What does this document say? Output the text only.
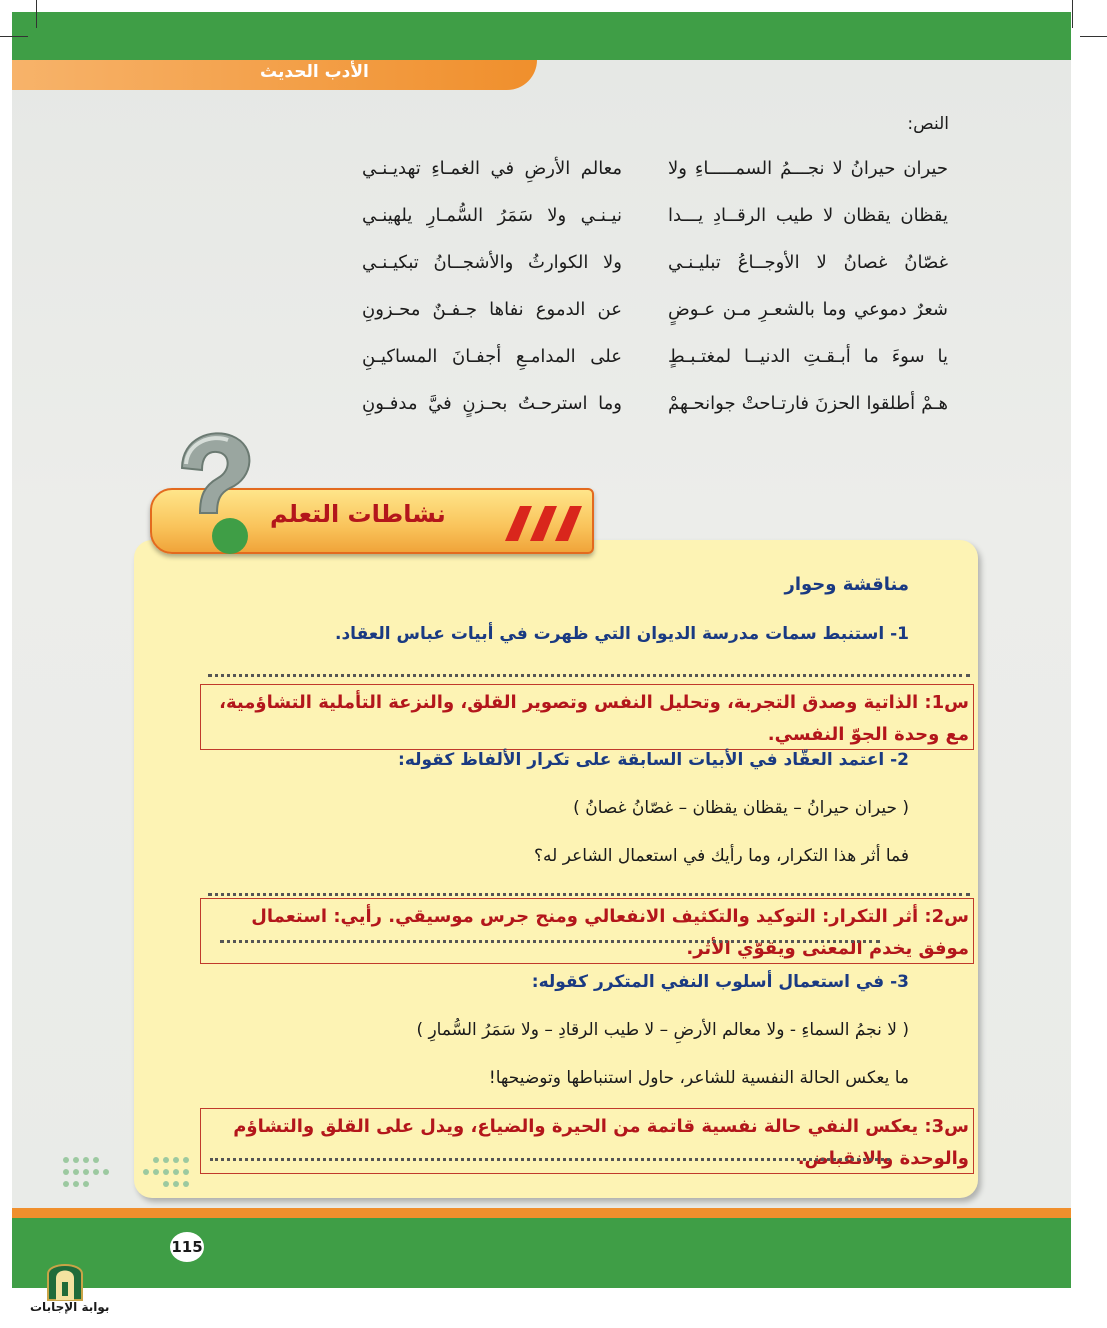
الأدب الحديث
النص:
حيران حيرانُ لا نجـــمُ السمـــــاءِ ولا
معالم الأرضِ في الغمـاءِ تهديـنـي
يقظان يقظان لا طيب الرقــادِ يـــدا
نيـنـي ولا سَمَرُ السُّمـارِ يلهينـي
غصّانُ غصانُ لا الأوجــاعُ تبليـنـي
ولا الكوارثُ والأشجــانُ تبكيـنـي
شعرٌ دموعي وما بالشعـرِ مـن عـوضٍ
عن الدموع نفاها جـفـنٌ محـزونِ
يا سوءَ ما أبـقـتِ الدنيــا لمغتـبـطٍ
على المدامـعِ أجفـانَ المساكيـنِ
هـمْ أطلقوا الحزنَ فارتـاحتْ جوانحـهمْ
وما استرحـتُ بحـزنٍ فيَّ مدفـونِ
نشاطات التعلم
مناقشة وحوار
1- استنبط سمات مدرسة الديوان التي ظهرت في أبيات عباس العقاد.
س1: الذاتية وصدق التجربة، وتحليل النفس وتصوير القلق، والنزعة التأملية التشاؤمية، مع وحدة الجوّ النفسي.
2- اعتمد العقّاد في الأبيات السابقة على تكرار الألفاظ كقوله:
( حيران حيرانُ – يقظان يقظان – غصّانُ غصانُ )
فما أثر هذا التكرار، وما رأيك في استعمال الشاعر له؟
س2: أثر التكرار: التوكيد والتكثيف الانفعالي ومنح جرس موسيقي. رأيي: استعمال موفق يخدم المعنى ويقوّي الأثر.
3- في استعمال أسلوب النفي المتكرر كقوله:
( لا نجمُ السماءِ - ولا معالم الأرضِ – لا طيب الرقادِ – ولا سَمَرُ السُّمارِ )
ما يعكس الحالة النفسية للشاعر، حاول استنباطها وتوضيحها!
س3: يعكس النفي حالة نفسية قاتمة من الحيرة والضياع، ويدل على القلق والتشاؤم والوحدة والانقباض.
115
بوابة الإجابات
